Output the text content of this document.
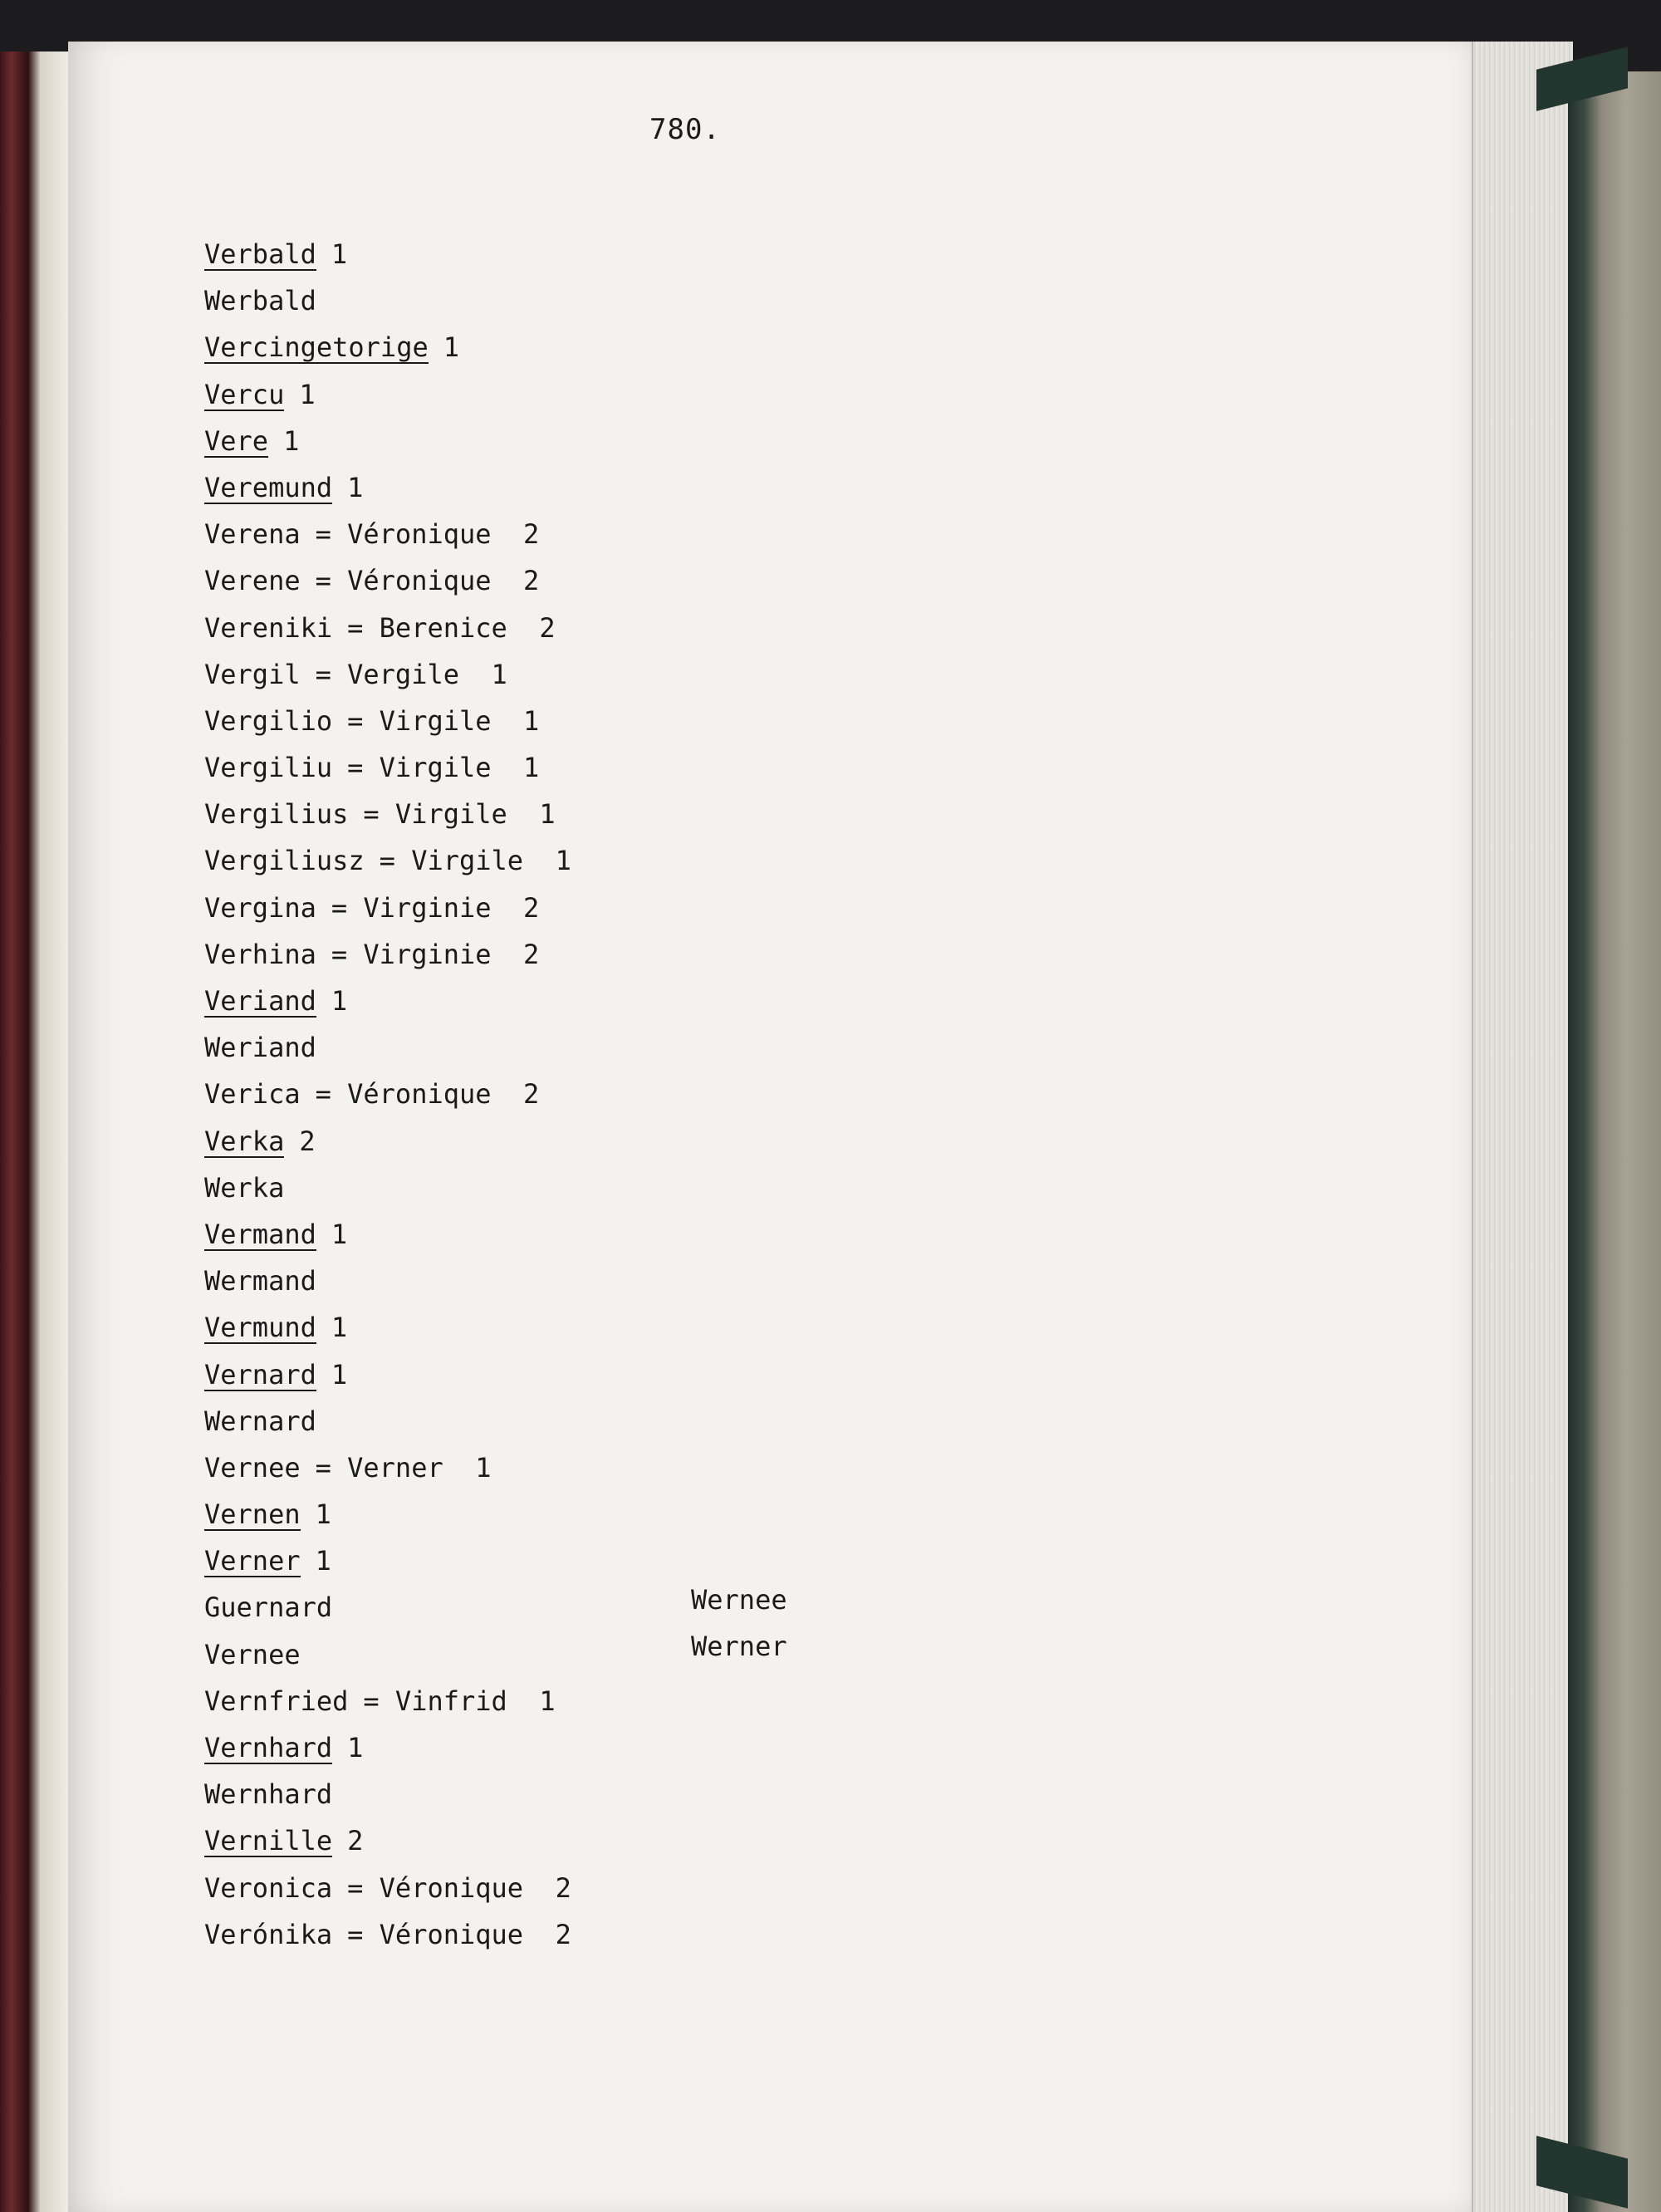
780.
Verbald 1
Werbald
Vercingetorige 1
Vercu 1
Vere 1
Veremund 1
Verena = Véronique  2
Verene = Véronique  2
Vereniki = Berenice  2
Vergil = Vergile  1
Vergilio = Virgile  1
Vergiliu = Virgile  1
Vergilius = Virgile  1
Vergiliusz = Virgile  1
Vergina = Virginie  2
Verhina = Virginie  2
Veriand 1
Weriand
Verica = Véronique  2
Verka 2
Werka
Vermand 1
Wermand
Vermund 1
Vernard 1
Wernard
Vernee = Verner  1
Vernen 1
Verner 1
Guernard
Vernee
Vernfried = Vinfrid  1
Vernhard 1
Wernhard
Vernille 2
Veronica = Véronique  2
Verónika = Véronique  2
Wernee
Werner
